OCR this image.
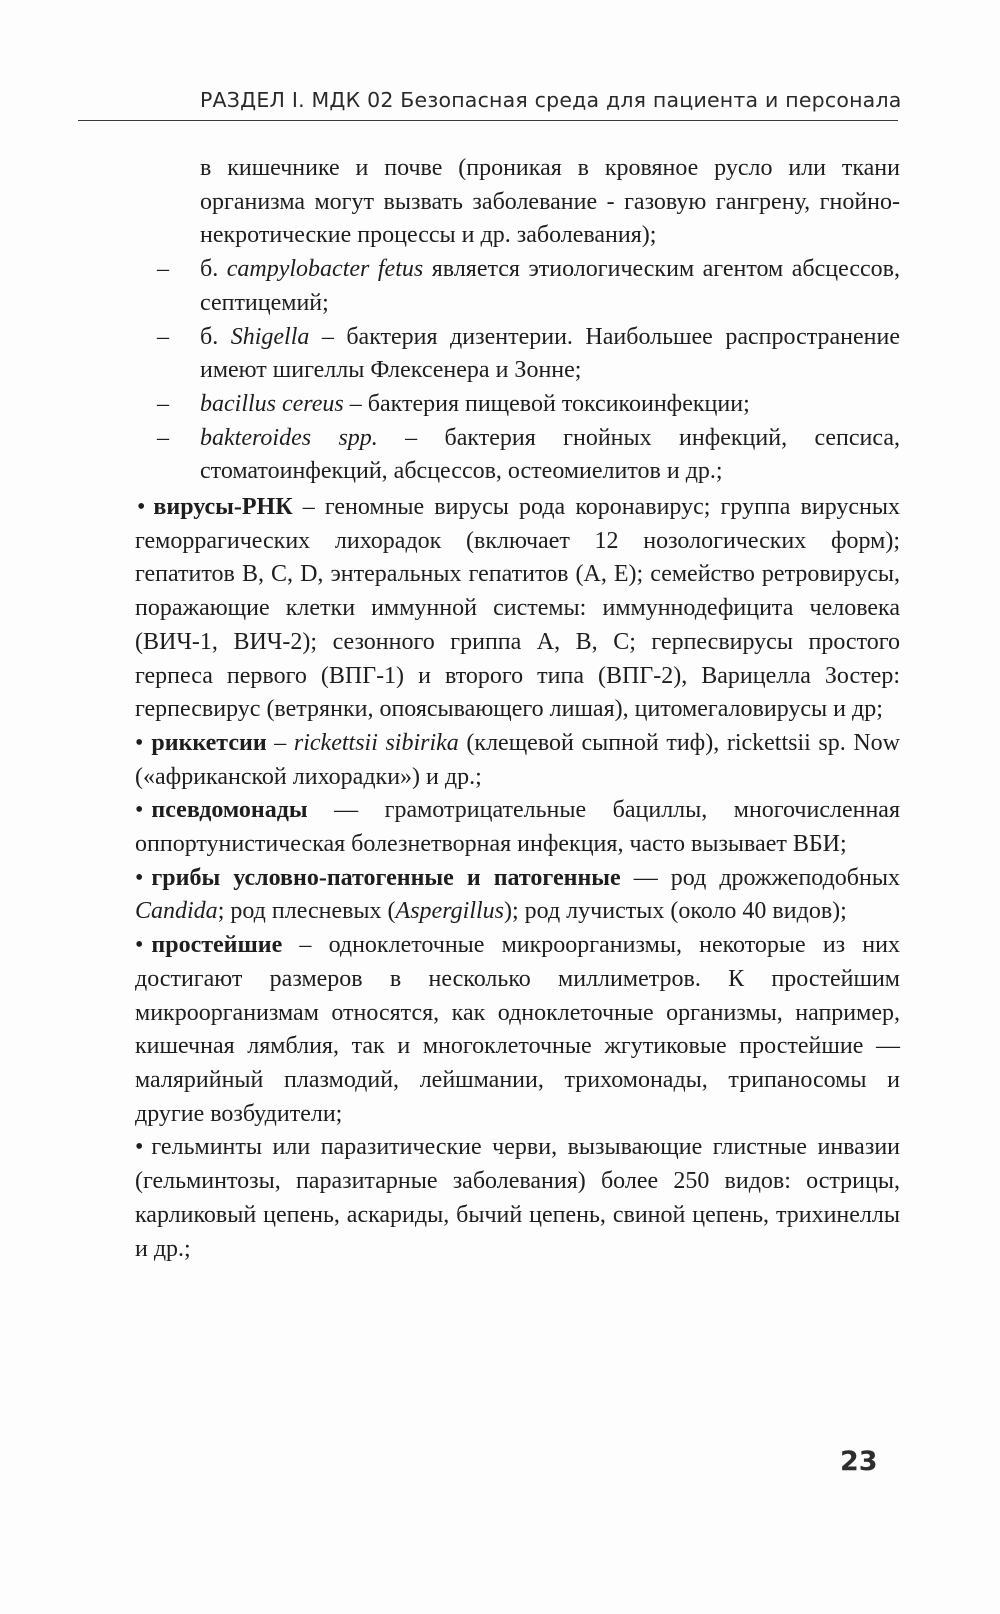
РАЗДЕЛ I. МДК 02 Безопасная среда для пациента и персонала

в кишечнике и почве (проникая в кровяное русло или ткани организма могут вызвать заболевание - газовую гангрену, гнойно-некротические процессы и др. заболевания);

– б. campylobacter fetus является этиологическим агентом абсцессов, септицемий;

– б. Shigella – бактерия дизентерии. Наибольшее распространение имеют шигеллы Флексенера и Зонне;

– bacillus cereus – бактерия пищевой токсикоинфекции;

– bakteroides spp. – бактерия гнойных инфекций, сепсиса, стоматоинфекций, абсцессов, остеомиелитов и др.;

• вирусы-РНК – геномные вирусы рода коронавирус; группа вирусных геморрагических лихорадок (включает 12 нозологических форм); гепатитов В, С, D, энтеральных гепатитов (А, Е); семейство ретровирусы, поражающие клетки иммунной системы: иммуннодефицита человека (ВИЧ-1, ВИЧ-2); сезонного гриппа А, В, С; герпесвирусы простого герпеса первого (ВПГ-1) и второго типа (ВПГ-2), Варицелла Зостер: герпесвирус (ветрянки, опоясывающего лишая), цитомегаловирусы и др;

• риккетсии – rickettsii sibirika (клещевой сыпной тиф), rickettsii sp. Now («африканской лихорадки») и др.;

• псевдомонады — грамотрицательные бациллы, многочисленная оппортунистическая болезнетворная инфекция, часто вызывает ВБИ;

• грибы условно-патогенные и патогенные — род дрожжеподобных Candida; род плесневых (Aspergillus); род лучистых (около 40 видов);

• простейшие – одноклеточные микроорганизмы, некоторые из них достигают размеров в несколько миллиметров. К простейшим микроорганизмам относятся, как одноклеточные организмы, например, кишечная лямблия, так и многоклеточные жгутиковые простейшие — малярийный плазмодий, лейшмании, трихомонады, трипаносомы и другие возбудители;

• гельминты или паразитические черви, вызывающие глистные инвазии (гельминтозы, паразитарные заболевания) более 250 видов: острицы, карликовый цепень, аскариды, бычий цепень, свиной цепень, трихинеллы и др.;

23
